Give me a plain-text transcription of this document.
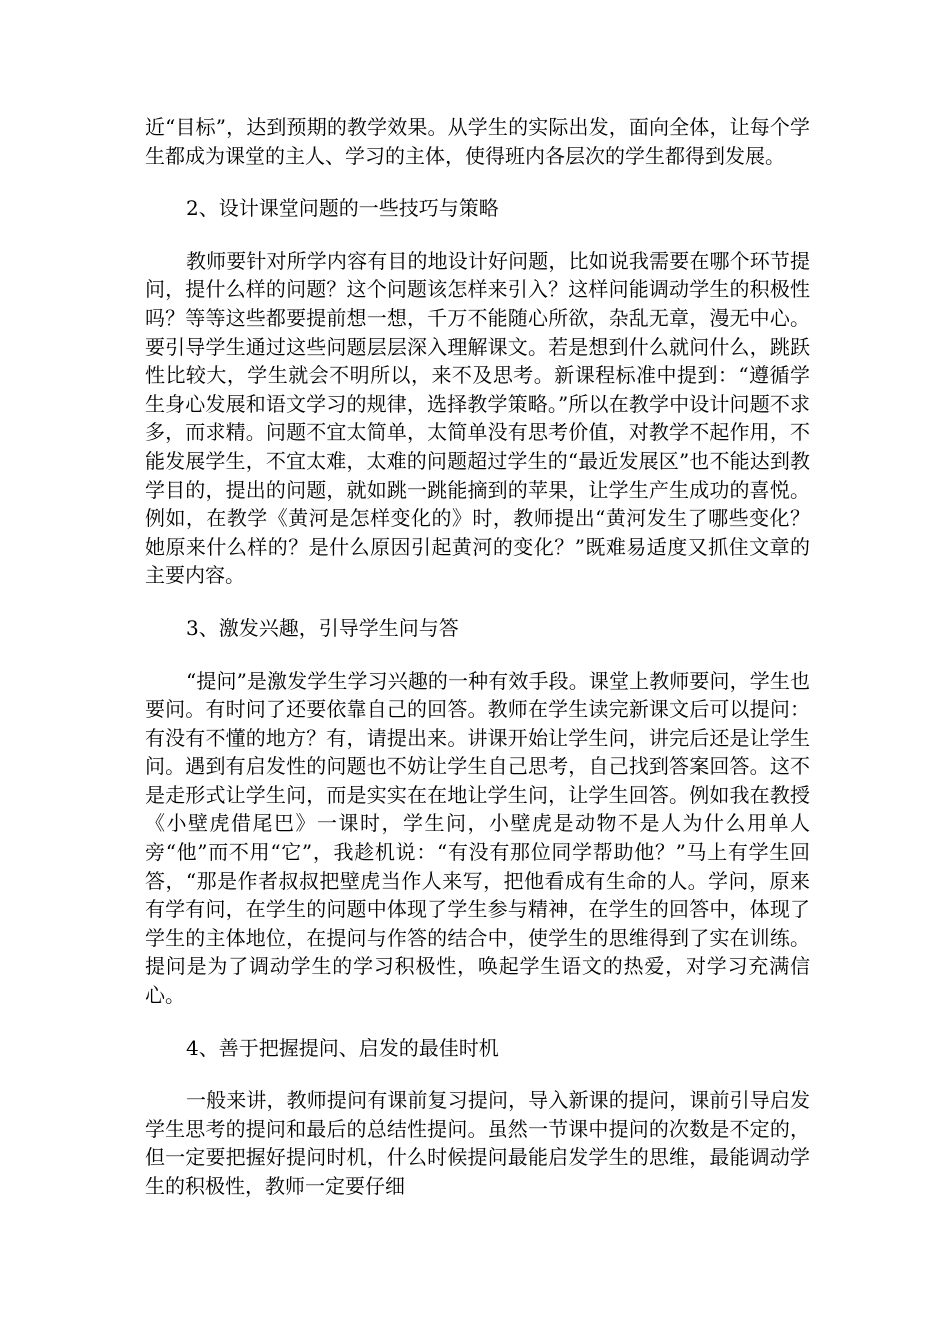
近“目标”，达到预期的教学效果。从学生的实际出发，面向全体，让每个学生都成为课堂的主人、学习的主体，使得班内各层次的学生都得到发展。

2、设计课堂问题的一些技巧与策略

教师要针对所学内容有目的地设计好问题，比如说我需要在哪个环节提问，提什么样的问题？这个问题该怎样来引入？这样问能调动学生的积极性吗？等等这些都要提前想一想，千万不能随心所欲，杂乱无章，漫无中心。要引导学生通过这些问题层层深入理解课文。若是想到什么就问什么，跳跃性比较大，学生就会不明所以，来不及思考。新课程标准中提到：“遵循学生身心发展和语文学习的规律，选择教学策略。”所以在教学中设计问题不求多，而求精。问题不宜太简单，太简单没有思考价值，对教学不起作用，不能发展学生，不宜太难，太难的问题超过学生的“最近发展区”也不能达到教学目的，提出的问题，就如跳一跳能摘到的苹果，让学生产生成功的喜悦。例如，在教学《黄河是怎样变化的》时，教师提出“黄河发生了哪些变化？她原来什么样的？是什么原因引起黄河的变化？”既难易适度又抓住文章的主要内容。

3、激发兴趣，引导学生问与答

“提问”是激发学生学习兴趣的一种有效手段。课堂上教师要问，学生也要问。有时问了还要依靠自己的回答。教师在学生读完新课文后可以提问：有没有不懂的地方？有，请提出来。讲课开始让学生问，讲完后还是让学生问。遇到有启发性的问题也不妨让学生自己思考，自己找到答案回答。这不是走形式让学生问，而是实实在在地让学生问，让学生回答。例如我在教授《小壁虎借尾巴》一课时，学生问，小壁虎是动物不是人为什么用单人旁“他”而不用“它”，我趁机说：“有没有那位同学帮助他？”马上有学生回答，“那是作者叔叔把壁虎当作人来写，把他看成有生命的人。学问，原来有学有问，在学生的问题中体现了学生参与精神，在学生的回答中，体现了学生的主体地位，在提问与作答的结合中，使学生的思维得到了实在训练。提问是为了调动学生的学习积极性，唤起学生语文的热爱，对学习充满信心。

4、善于把握提问、启发的最佳时机

一般来讲，教师提问有课前复习提问，导入新课的提问，课前引导启发学生思考的提问和最后的总结性提问。虽然一节课中提问的次数是不定的，但一定要把握好提问时机，什么时候提问最能启发学生的思维，最能调动学生的积极性，教师一定要仔细
